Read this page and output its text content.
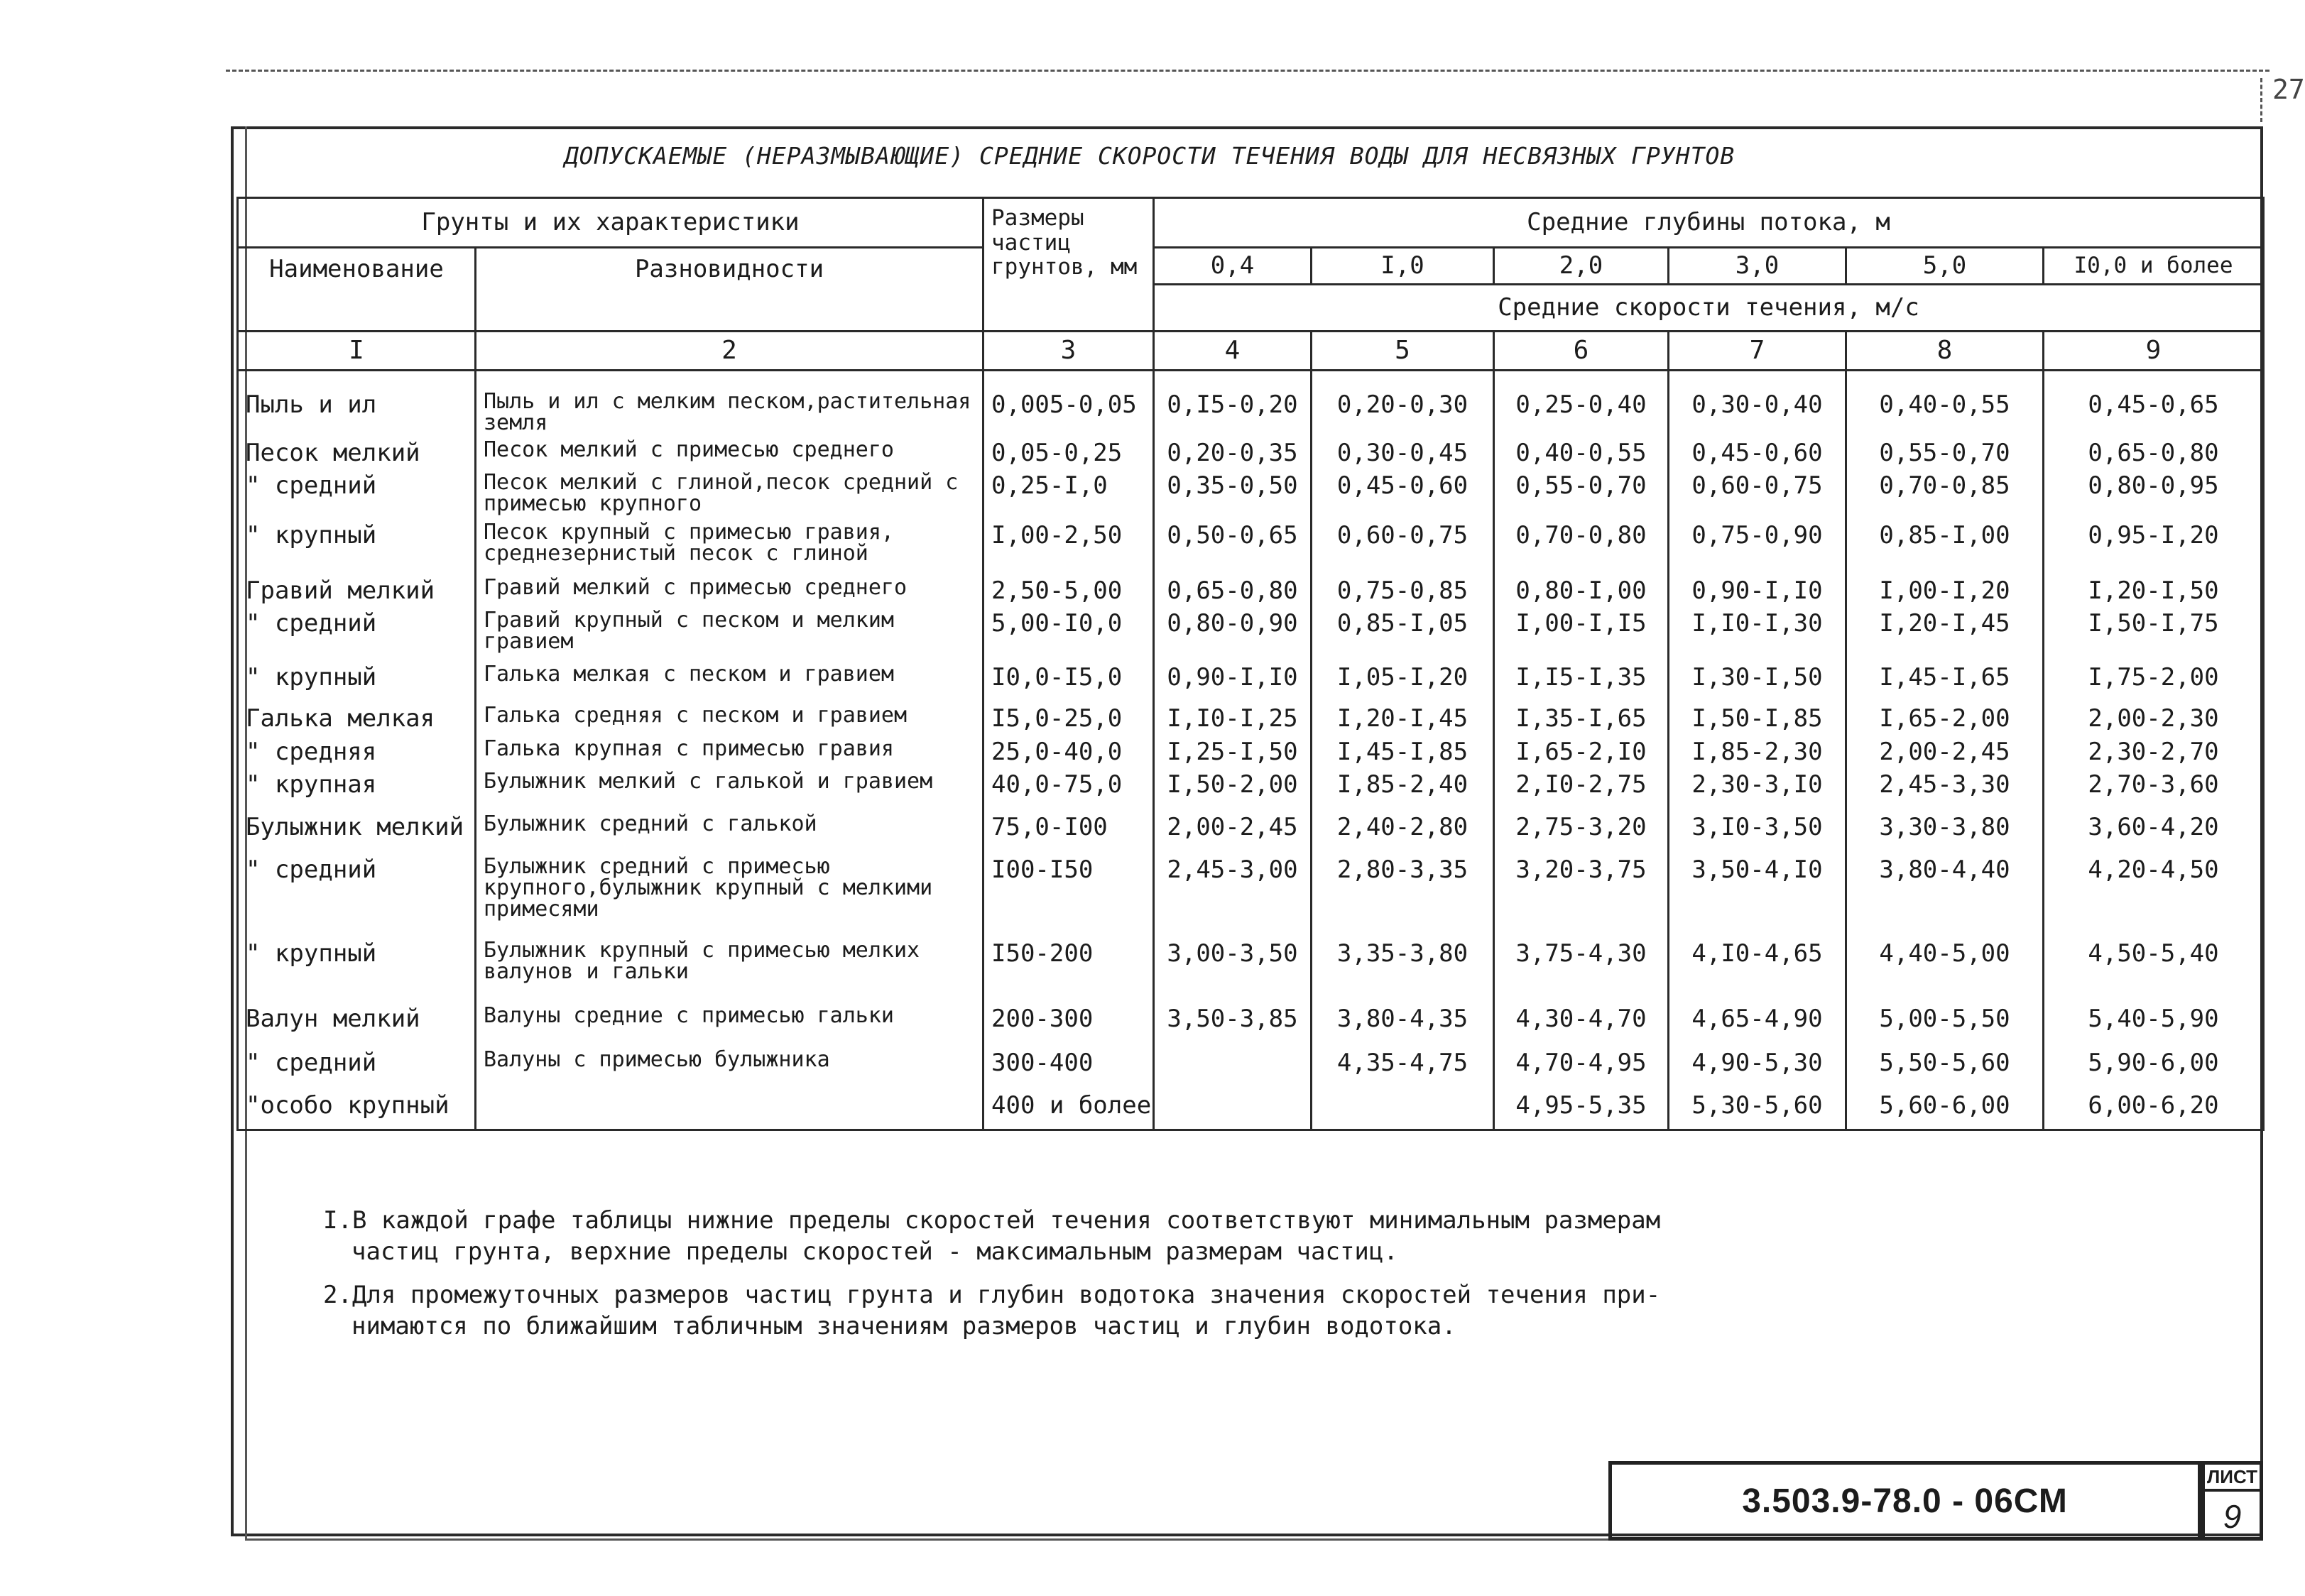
27
ДОПУСКАЕМЫЕ (НЕРАЗМЫВАЮЩИЕ) СРЕДНИЕ СКОРОСТИ ТЕЧЕНИЯ ВОДЫ ДЛЯ НЕСВЯЗНЫХ ГРУНТОВ
Грунты и их характеристики		Размеры частиц грунтов, мм	Средние глубины потока, м					
Наименование	Разновидности		0,4	I,0	2,0	3,0	5,0	I0,0 и более
			Средние скорости течения, м/с					
I	2	3	4	5	6	7	8	9
Пыль и ил	Пыль и ил с мелким песком,растительная земля	0,005-0,05	0,I5-0,20	0,20-0,30	0,25-0,40	0,30-0,40	0,40-0,55	0,45-0,65
Песок мелкий	Песок мелкий с примесью среднего	0,05-0,25	0,20-0,35	0,30-0,45	0,40-0,55	0,45-0,60	0,55-0,70	0,65-0,80
" средний	Песок мелкий с глиной,песок средний с примесью крупного	0,25-I,0	0,35-0,50	0,45-0,60	0,55-0,70	0,60-0,75	0,70-0,85	0,80-0,95
" крупный	Песок крупный с примесью гравия, среднезернистый песок с глиной	I,00-2,50	0,50-0,65	0,60-0,75	0,70-0,80	0,75-0,90	0,85-I,00	0,95-I,20
Гравий мелкий	Гравий мелкий с примесью среднего	2,50-5,00	0,65-0,80	0,75-0,85	0,80-I,00	0,90-I,I0	I,00-I,20	I,20-I,50
" средний	Гравий крупный с песком и мелким гравием	5,00-I0,0	0,80-0,90	0,85-I,05	I,00-I,I5	I,I0-I,30	I,20-I,45	I,50-I,75
" крупный	Галька мелкая с песком и гравием	I0,0-I5,0	0,90-I,I0	I,05-I,20	I,I5-I,35	I,30-I,50	I,45-I,65	I,75-2,00
Галька мелкая	Галька средняя с песком и гравием	I5,0-25,0	I,I0-I,25	I,20-I,45	I,35-I,65	I,50-I,85	I,65-2,00	2,00-2,30
" средняя	Галька крупная с примесью гравия	25,0-40,0	I,25-I,50	I,45-I,85	I,65-2,I0	I,85-2,30	2,00-2,45	2,30-2,70
" крупная	Булыжник мелкий с галькой и гравием	40,0-75,0	I,50-2,00	I,85-2,40	2,I0-2,75	2,30-3,I0	2,45-3,30	2,70-3,60
Булыжник мелкий	Булыжник средний с галькой	75,0-I00	2,00-2,45	2,40-2,80	2,75-3,20	3,I0-3,50	3,30-3,80	3,60-4,20
" средний	Булыжник средний с примесью крупного,булыжник крупный с мелкими примесями	I00-I50	2,45-3,00	2,80-3,35	3,20-3,75	3,50-4,I0	3,80-4,40	4,20-4,50
" крупный	Булыжник крупный с примесью мелких валунов и гальки	I50-200	3,00-3,50	3,35-3,80	3,75-4,30	4,I0-4,65	4,40-5,00	4,50-5,40
Валун мелкий	Валуны средние с примесью гальки	200-300	3,50-3,85	3,80-4,35	4,30-4,70	4,65-4,90	5,00-5,50	5,40-5,90
" средний	Валуны с примесью булыжника	300-400		4,35-4,75	4,70-4,95	4,90-5,30	5,50-5,60	5,90-6,00
"особо крупный		400 и более			4,95-5,35	5,30-5,60	5,60-6,00	6,00-6,20

I.В каждой графе таблицы нижние пределы скоростей течения соответствуют минимальным размерам
частиц грунта, верхние пределы скоростей - максимальным размерам частиц.

2.Для промежуточных размеров частиц грунта и глубин водотока значения скоростей течения при-
нимаются по ближайшим табличным значениям размеров частиц и глубин водотока.

3.503.9-78.0 - 06СМ
ЛИСТ
9
